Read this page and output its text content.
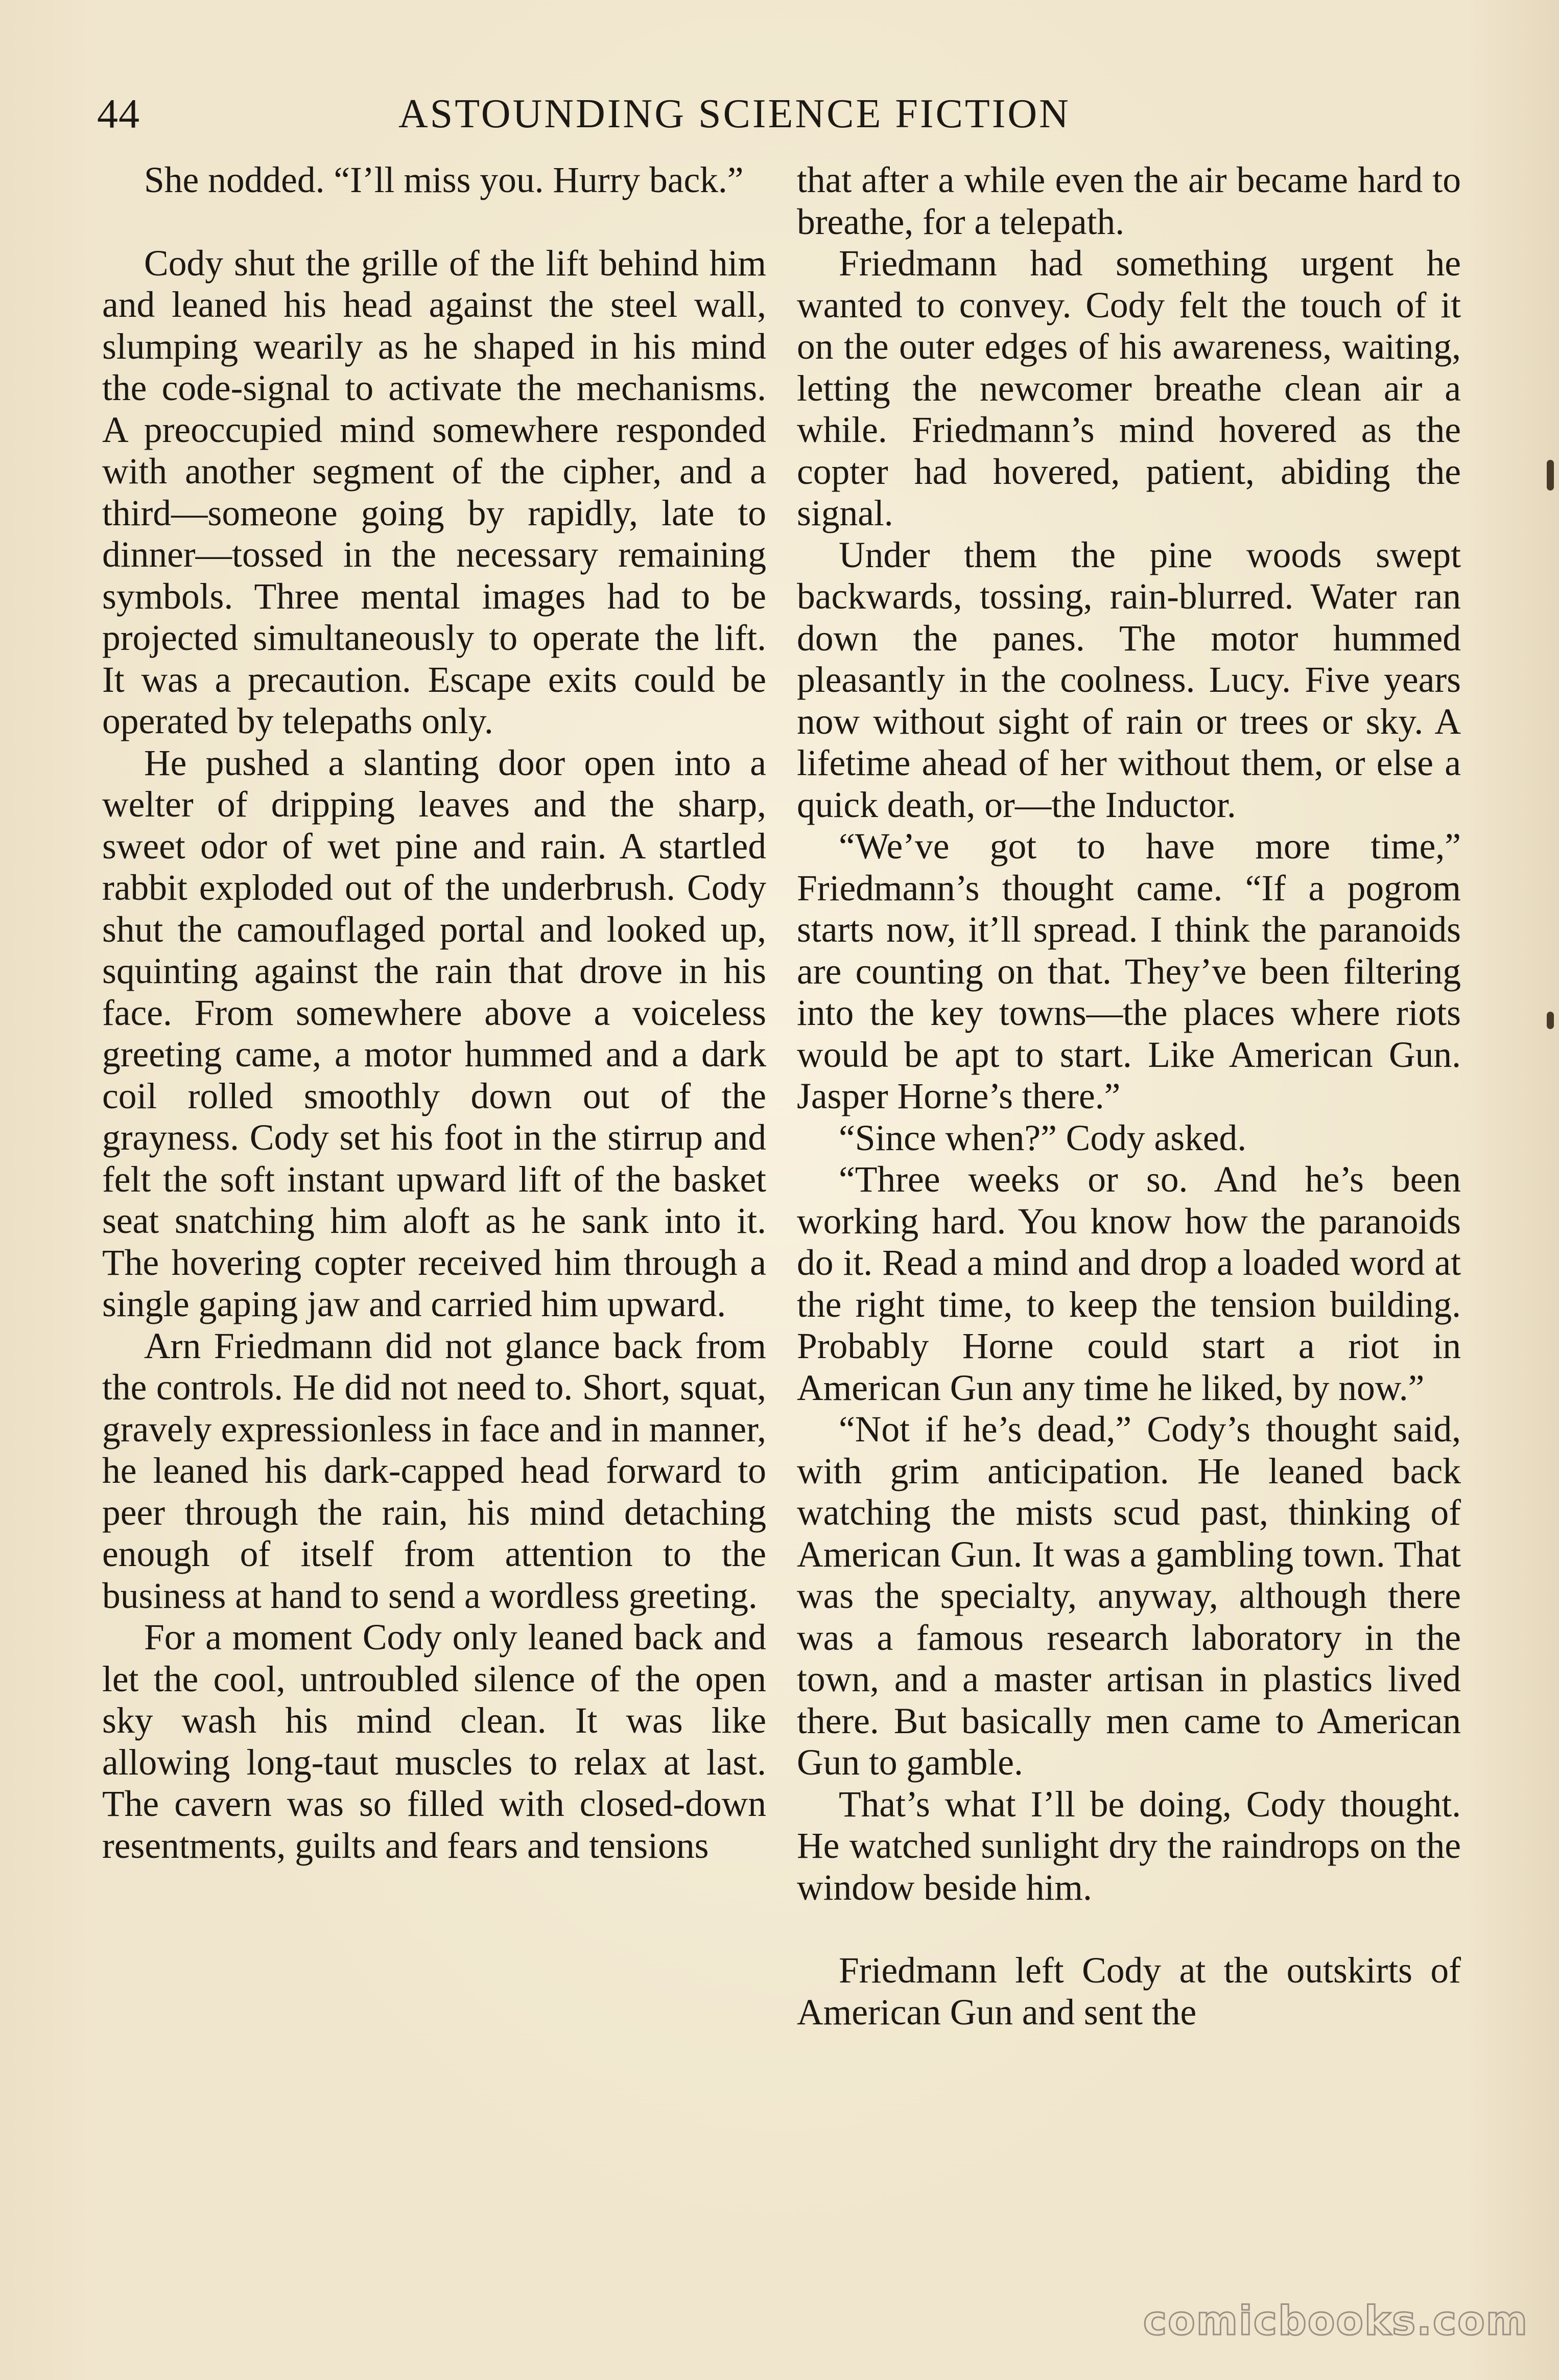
44	ASTOUNDING SCIENCE FICTION

She nodded. “I’ll miss you. Hurry back.”

Cody shut the grille of the lift behind him and leaned his head against the steel wall, slumping wearily as he shaped in his mind the code-signal to activate the mechanisms. A preoccupied mind somewhere responded with another segment of the cipher, and a third—someone going by rapidly, late to dinner—tossed in the necessary remaining symbols. Three mental images had to be projected simultaneously to operate the lift. It was a precaution. Escape exits could be operated by telepaths only.

He pushed a slanting door open into a welter of dripping leaves and the sharp, sweet odor of wet pine and rain. A startled rabbit exploded out of the underbrush. Cody shut the camouflaged portal and looked up, squinting against the rain that drove in his face. From somewhere above a voiceless greeting came, a motor hummed and a dark coil rolled smoothly down out of the grayness. Cody set his foot in the stirrup and felt the soft instant upward lift of the basket seat snatching him aloft as he sank into it. The hovering copter received him through a single gaping jaw and carried him upward.

Arn Friedmann did not glance back from the controls. He did not need to. Short, squat, gravely expressionless in face and in manner, he leaned his dark-capped head forward to peer through the rain, his mind detaching enough of itself from attention to the business at hand to send a wordless greeting.

For a moment Cody only leaned back and let the cool, untroubled silence of the open sky wash his mind clean. It was like allowing long-taut muscles to relax at last. The cavern was so filled with closed-down resentments, guilts and fears and tensions

that after a while even the air became hard to breathe, for a telepath.

Friedmann had something urgent he wanted to convey. Cody felt the touch of it on the outer edges of his awareness, waiting, letting the newcomer breathe clean air a while. Friedmann’s mind hovered as the copter had hovered, patient, abiding the signal.

Under them the pine woods swept backwards, tossing, rain-blurred. Water ran down the panes. The motor hummed pleasantly in the coolness. Lucy. Five years now without sight of rain or trees or sky. A lifetime ahead of her without them, or else a quick death, or—the Inductor.

“We’ve got to have more time,” Friedmann’s thought came. “If a pogrom starts now, it’ll spread. I think the paranoids are counting on that. They’ve been filtering into the key towns—the places where riots would be apt to start. Like American Gun. Jasper Horne’s there.”

“Since when?” Cody asked.

“Three weeks or so. And he’s been working hard. You know how the paranoids do it. Read a mind and drop a loaded word at the right time, to keep the tension building. Probably Horne could start a riot in American Gun any time he liked, by now.”

“Not if he’s dead,” Cody’s thought said, with grim anticipation. He leaned back watching the mists scud past, thinking of American Gun. It was a gambling town. That was the specialty, anyway, although there was a famous research laboratory in the town, and a master artisan in plastics lived there. But basically men came to American Gun to gamble.

That’s what I’ll be doing, Cody thought. He watched sunlight dry the raindrops on the window beside him.

Friedmann left Cody at the outskirts of American Gun and sent the

comicbooks.com
